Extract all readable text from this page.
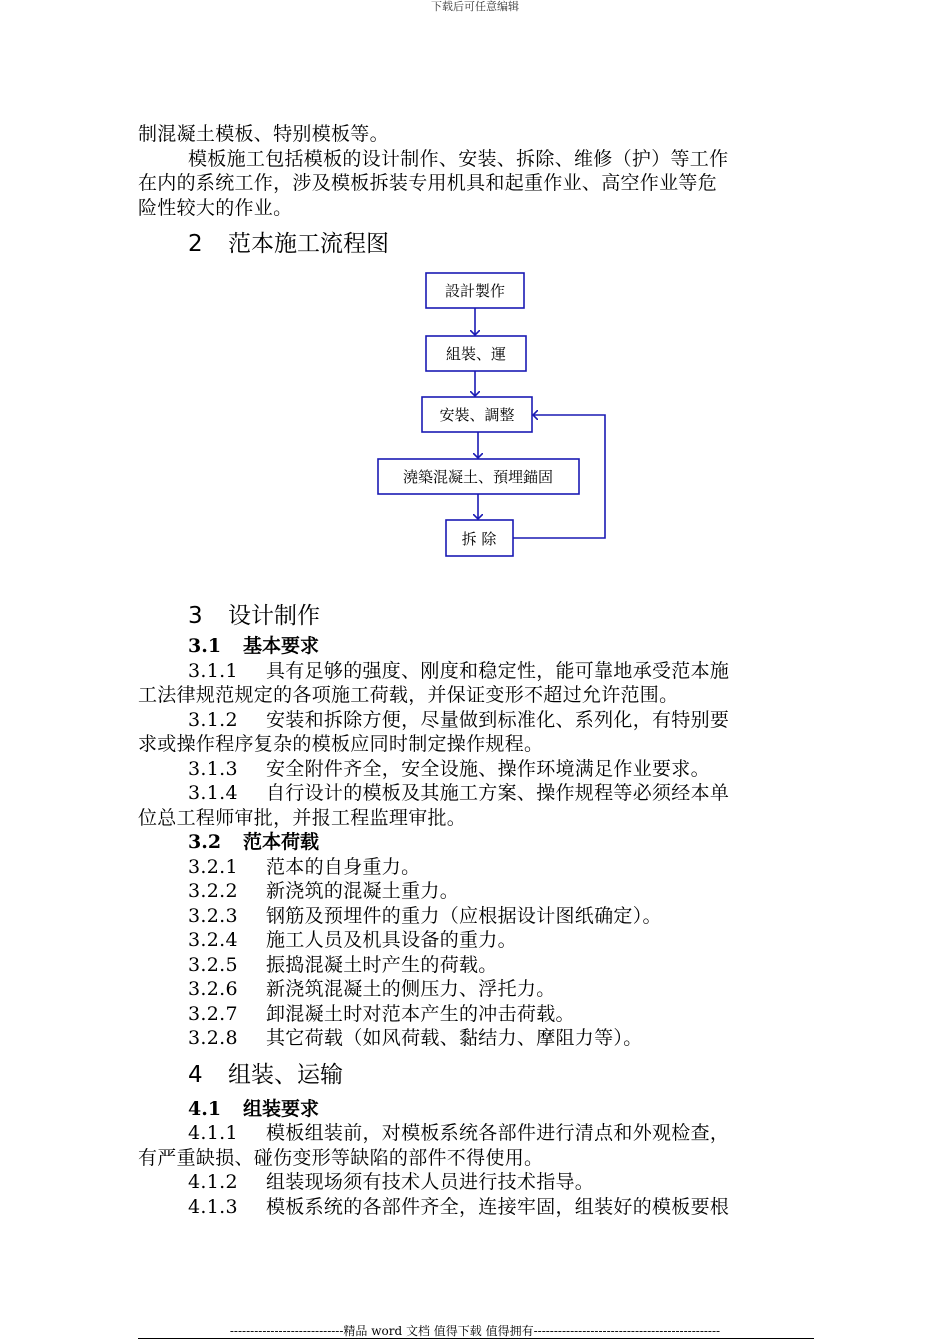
下载后可任意编辑

制混凝土模板、特别模板等。

模板施工包括模板的设计制作、安装、拆除、维修（护）等工作

在内的系统工作，涉及模板拆装专用机具和起重作业、高空作业等危

险性较大的作业。

2 范本施工流程图
設計製作
組裝、運
安裝、調整
澆築混凝土、預埋錨固
拆 除
3 设计制作
3.1 基本要求

3.1.1 具有足够的强度、刚度和稳定性，能可靠地承受范本施

工法律规范规定的各项施工荷载，并保证变形不超过允许范围。

3.1.2 安装和拆除方便，尽量做到标准化、系列化，有特别要

求或操作程序复杂的模板应同时制定操作规程。

3.1.3 安全附件齐全，安全设施、操作环境满足作业要求。

3.1.4 自行设计的模板及其施工方案、操作规程等必须经本单

位总工程师审批，并报工程监理审批。

3.2 范本荷载

3.2.1 范本的自身重力。

3.2.2 新浇筑的混凝土重力。

3.2.3 钢筋及预埋件的重力（应根据设计图纸确定）。

3.2.4 施工人员及机具设备的重力。

3.2.5 振捣混凝土时产生的荷载。

3.2.6 新浇筑混凝土的侧压力、浮托力。

3.2.7 卸混凝土时对范本产生的冲击荷载。

3.2.8 其它荷载（如风荷载、黏结力、摩阻力等）。

4 组装、运输
4.1 组装要求

4.1.1 模板组装前，对模板系统各部件进行清点和外观检查，

有严重缺损、碰伤变形等缺陷的部件不得使用。

4.1.2 组装现场须有技术人员进行技术指导。

4.1.3 模板系统的各部件齐全，连接牢固，组装好的模板要根

----------------------------精品 word 文档 值得下载 值得拥有----------------------------------------------
